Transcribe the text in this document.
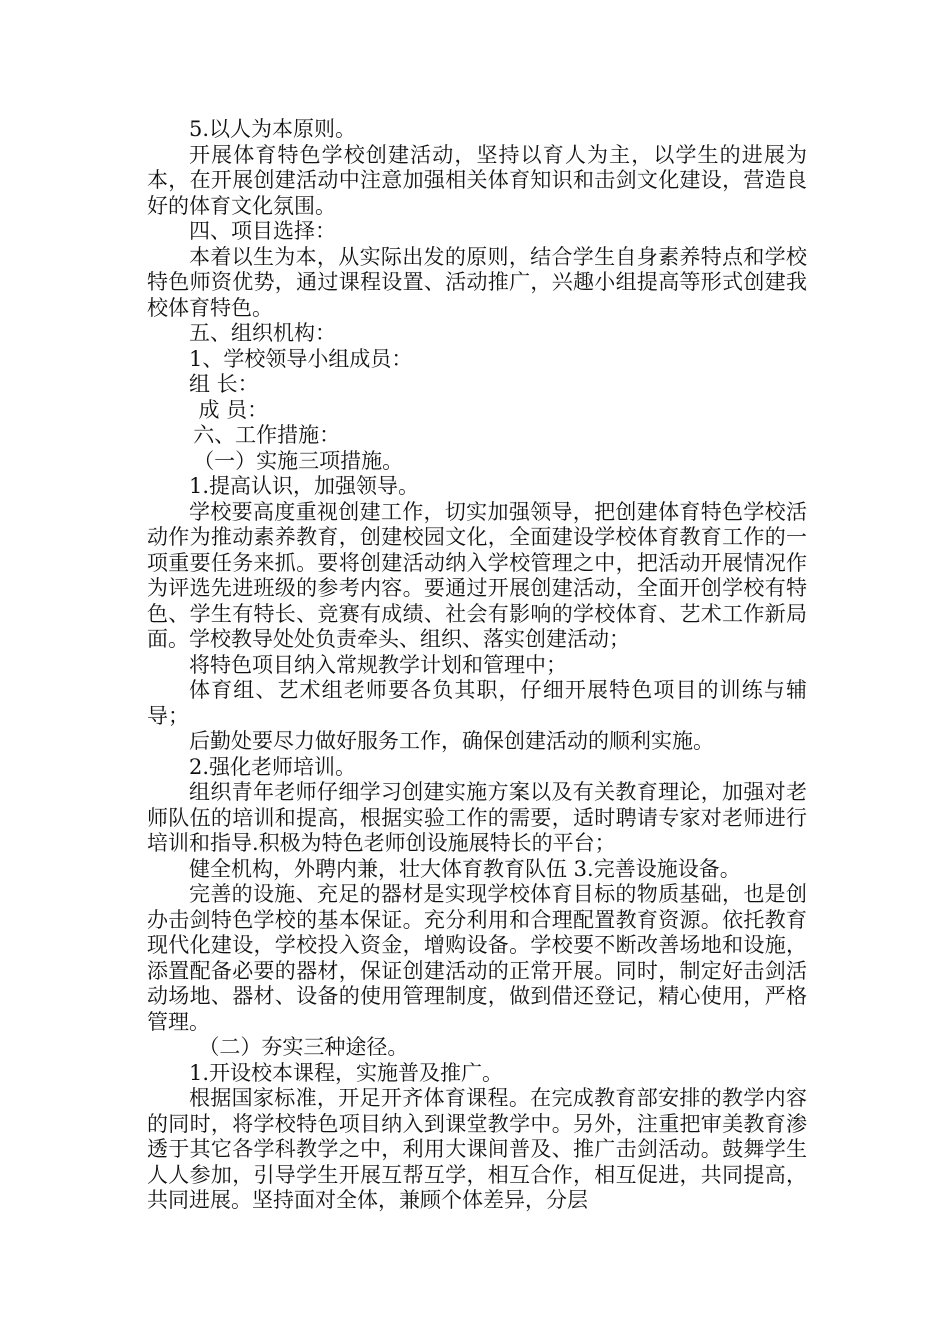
5.以人为本原则。

开展体育特色学校创建活动，坚持以育人为主，以学生的进展为本，在开展创建活动中注意加强相关体育知识和击剑文化建设，营造良好的体育文化氛围。

四、项目选择：

本着以生为本，从实际出发的原则，结合学生自身素养特点和学校特色师资优势，通过课程设置、活动推广，兴趣小组提高等形式创建我校体育特色。

五、组织机构：

1、学校领导小组成员：

组 长：

成 员：

六、工作措施：

（一）实施三项措施。

1.提高认识，加强领导。

学校要高度重视创建工作，切实加强领导，把创建体育特色学校活动作为推动素养教育，创建校园文化，全面建设学校体育教育工作的一项重要任务来抓。要将创建活动纳入学校管理之中，把活动开展情况作为评选先进班级的参考内容。要通过开展创建活动，全面开创学校有特色、学生有特长、竞赛有成绩、社会有影响的学校体育、艺术工作新局面。学校教导处处负责牵头、组织、落实创建活动；

将特色项目纳入常规教学计划和管理中；

体育组、艺术组老师要各负其职，仔细开展特色项目的训练与辅导；

后勤处要尽力做好服务工作，确保创建活动的顺利实施。

2.强化老师培训。

组织青年老师仔细学习创建实施方案以及有关教育理论，加强对老师队伍的培训和提高，根据实验工作的需要，适时聘请专家对老师进行培训和指导.积极为特色老师创设施展特长的平台；

健全机构，外聘内兼，壮大体育教育队伍 3.完善设施设备。

完善的设施、充足的器材是实现学校体育目标的物质基础，也是创办击剑特色学校的基本保证。充分利用和合理配置教育资源。依托教育现代化建设，学校投入资金，增购设备。学校要不断改善场地和设施，添置配备必要的器材，保证创建活动的正常开展。同时，制定好击剑活动场地、器材、设备的使用管理制度，做到借还登记，精心使用，严格管理。

（二）夯实三种途径。

1.开设校本课程，实施普及推广。

根据国家标准，开足开齐体育课程。在完成教育部安排的教学内容的同时，将学校特色项目纳入到课堂教学中。另外，注重把审美教育渗透于其它各学科教学之中，利用大课间普及、推广击剑活动。鼓舞学生人人参加，引导学生开展互帮互学，相互合作，相互促进，共同提高，共同进展。坚持面对全体，兼顾个体差异，分层
